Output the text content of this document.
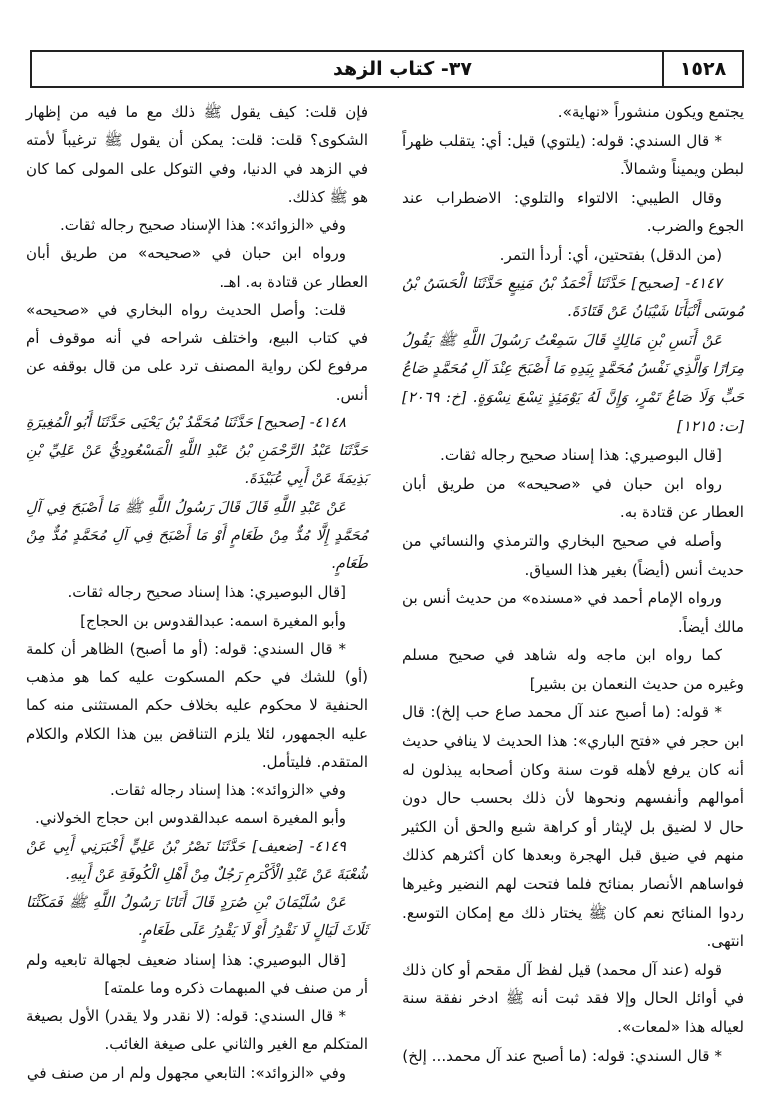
١٥٢٨
٣٧- كتاب الزهد

يجتمع ويكون منشوراً «نهاية».

* قال السندي: قوله: (يلتوي) قيل: أي: يتقلب ظهراً لبطن ويميناً وشمالاً.

وقال الطيبي: الالتواء والتلوي: الاضطراب عند الجوع والضرب.

(من الدقل) بفتحتين، أي: أردأ التمر.

٤١٤٧- [صحيح] حَدَّثَنَا أَحْمَدُ بْنُ مَنِيعٍ حَدَّثَنَا الْحَسَنُ بْنُ مُوسَى أَنْبَأَنَا شَيْبَانُ عَنْ قَتَادَةَ.

عَنْ أَنَسِ بْنِ مَالِكٍ قَالَ سَمِعْتُ رَسُولَ اللَّهِ ﷺ يَقُولُ مِرَارًا وَالَّذِي نَفْسُ مُحَمَّدٍ بِيَدِهِ مَا أَصْبَحَ عِنْدَ آلِ مُحَمَّدٍ صَاعُ حَبٍّ وَلَا صَاعُ تَمْرٍ، وَإِنَّ لَهُ يَوْمَئِذٍ تِسْعَ نِسْوَةٍ. [خ: ٢٠٦٩] [ت: ١٢١٥]

[قال البوصيري: هذا إسناد صحيح رجاله ثقات.

رواه ابن حبان في «صحيحه» من طريق أبان العطار عن قتادة به.

وأصله في صحيح البخاري والترمذي والنسائي من حديث أنس (أيضاً) بغير هذا السياق.

ورواه الإمام أحمد في «مسنده» من حديث أنس بن مالك أيضاً.

كما رواه ابن ماجه وله شاهد في صحيح مسلم وغيره من حديث النعمان بن بشير]

* قوله: (ما أصبح عند آل محمد صاع حب إلخ): قال ابن حجر في «فتح الباري»: هذا الحديث لا ينافي حديث أنه كان يرفع لأهله قوت سنة وكان أصحابه يبذلون له أموالهم وأنفسهم ونحوها لأن ذلك بحسب حال دون حال لا لضيق بل لإيثار أو كراهة شبع والحق أن الكثير منهم في ضيق قبل الهجرة وبعدها كان أكثرهم كذلك فواساهم الأنصار بمنائح فلما فتحت لهم النضير وغيرها ردوا المنائح نعم كان ﷺ يختار ذلك مع إمكان التوسع. انتهى.

قوله (عند آل محمد) قيل لفظ آل مقحم أو كان ذلك في أوائل الحال وإلا فقد ثبت أنه ﷺ ادخر نفقة سنة لعياله هذا «لمعات».

* قال السندي: قوله: (ما أصبح عند آل محمد... إلخ)

فإن قلت: كيف يقول ﷺ ذلك مع ما فيه من إظهار الشكوى؟ قلت: قلت: يمكن أن يقول ﷺ ترغيباً لأمته في الزهد في الدنيا، وفي التوكل على المولى كما كان هو ﷺ كذلك.

وفي «الزوائد»: هذا الإسناد صحيح رجاله ثقات.

ورواه ابن حبان في «صحيحه» من طريق أبان العطار عن قتادة به. اهـ.

قلت: وأصل الحديث رواه البخاري في «صحيحه» في كتاب البيع، واختلف شراحه في أنه موقوف أم مرفوع لكن رواية المصنف ترد على من قال بوقفه عن أنس.

٤١٤٨- [صحيح] حَدَّثَنَا مُحَمَّدُ بْنُ يَحْيَى حَدَّثَنَا أَبُو الْمُغِيرَةِ حَدَّثَنَا عَبْدُ الرَّحْمَنِ بْنُ عَبْدِ اللَّهِ الْمَسْعُودِيُّ عَنْ عَلِيِّ بْنِ بَذِيمَةَ عَنْ أَبِي عُبَيْدَةَ.

عَنْ عَبْدِ اللَّهِ قَالَ قَالَ رَسُولُ اللَّهِ ﷺ مَا أَصْبَحَ فِي آلِ مُحَمَّدٍ إِلَّا مُدٌّ مِنْ طَعَامٍ أَوْ مَا أَصْبَحَ فِي آلِ مُحَمَّدٍ مُدٌّ مِنْ طَعَامٍ.

[قال البوصيري: هذا إسناد صحيح رجاله ثقات.

وأبو المغيرة اسمه: عبدالقدوس بن الحجاج]

* قال السندي: قوله: (أو ما أصبح) الظاهر أن كلمة (أو) للشك في حكم المسكوت عليه كما هو مذهب الحنفية لا محكوم عليه بخلاف حكم المستثنى منه كما عليه الجمهور، لئلا يلزم التناقض بين هذا الكلام والكلام المتقدم. فليتأمل.

وفي «الزوائد»: هذا إسناد رجاله ثقات.

وأبو المغيرة اسمه عبدالقدوس ابن حجاج الخولاني.

٤١٤٩- [ضعيف] حَدَّثَنَا نَصْرُ بْنُ عَلِيٍّ أَخْبَرَنِي أَبِي عَنْ شُعْبَةَ عَنْ عَبْدِ الْأَكْرَمِ رَجُلٌ مِنْ أَهْلِ الْكُوفَةِ عَنْ أَبِيهِ.

عَنْ سُلَيْمَانَ بْنِ صُرَدٍ قَالَ أَتَانَا رَسُولُ اللَّهِ ﷺ فَمَكَثْنَا ثَلَاثَ لَيَالٍ لَا نَقْدِرُ أَوْ لَا يَقْدِرُ عَلَى طَعَامٍ.

[قال البوصيري: هذا إسناد ضعيف لجهالة تابعيه ولم أر من صنف في المبهمات ذكره وما علمته]

* قال السندي: قوله: (لا نقدر ولا يقدر) الأول بصيغة المتكلم مع الغير والثاني على صيغة الغائب.

وفي «الزوائد»: التابعي مجهول ولم ار من صنف في
